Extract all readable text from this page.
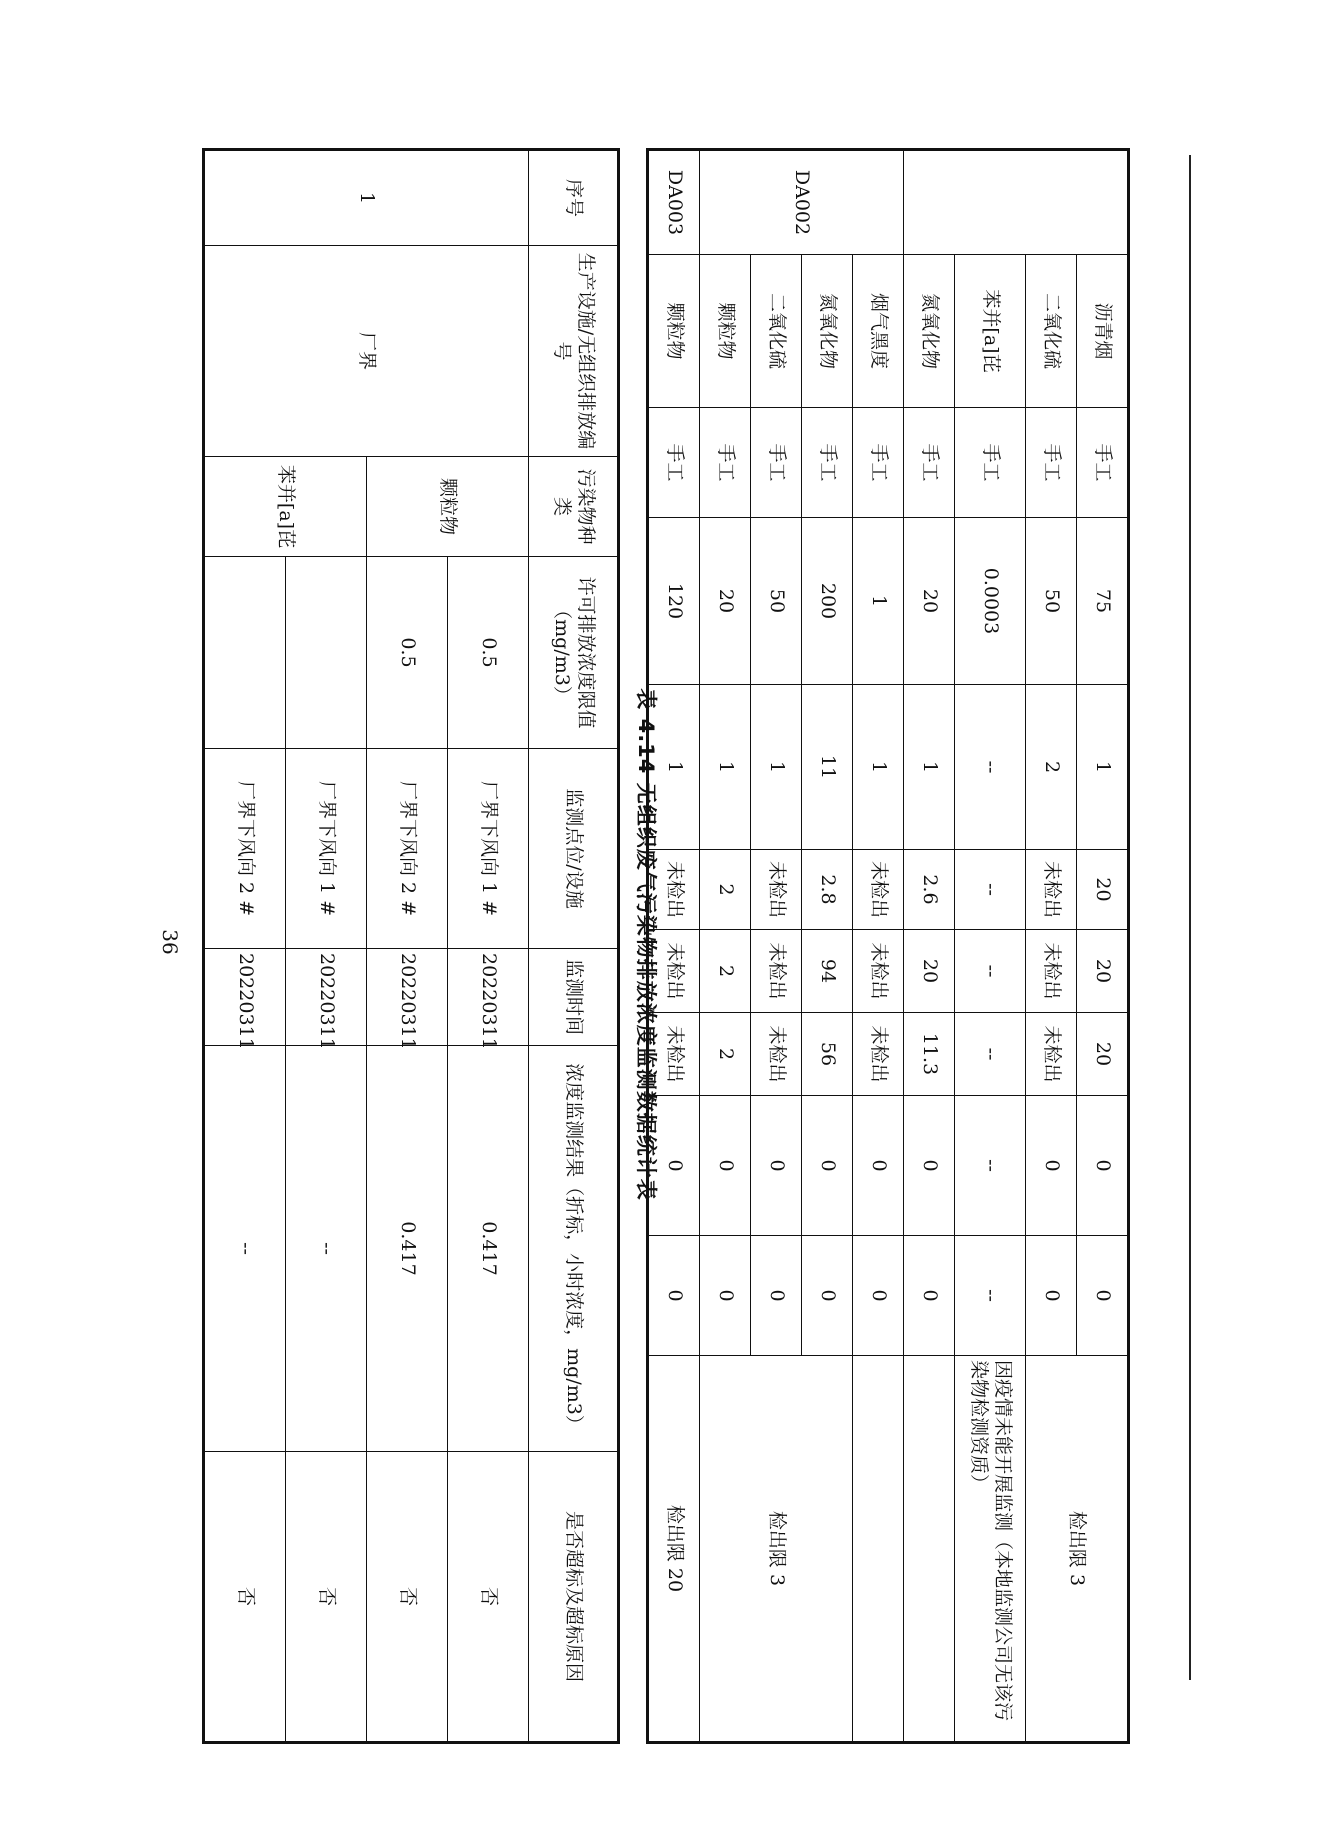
	沥青烟	手工	75	1	20	20	20	0	0	检出限 3
	二氧化硫	手工	50	2	未检出	未检出	未检出	0	0	
	苯并[a]芘	手工	0.0003	--	--	--	--	--	--	因疫情未能开展监测（本地监测公司无该污染物检测资质）
	氮氧化物	手工	20	1	2.6	20	11.3	0	0	
DA002	烟气黑度	手工	1	1	未检出	未检出	未检出	0	0	
	氮氧化物	手工	200	11	2.8	94	56	0	0	检出限 3
	二氧化硫	手工	50	1	未检出	未检出	未检出	0	0	
	颗粒物	手工	20	1	2	2	2	0	0	
DA003	颗粒物	手工	120	1	未检出	未检出	未检出	0	0	检出限 20
表 4.14 无组织废气污染物排放浓度监测数据统计表
序号	生产设施/无组织排放编号	污染物种类	许可排放浓度限值（mg/m3）	监测点位/设施	监测时间	浓度监测结果（折标，小时浓度，mg/m3）	是否超标及超标原因
1	厂界	颗粒物	0.5	厂界下风向 1 #	20220311	0.417	否
			0.5	厂界下风向 2 #	20220311	0.417	否
		苯并[a]芘		厂界下风向 1 #	20220311	--	否
				厂界下风向 2 #	20220311	--	否
36
